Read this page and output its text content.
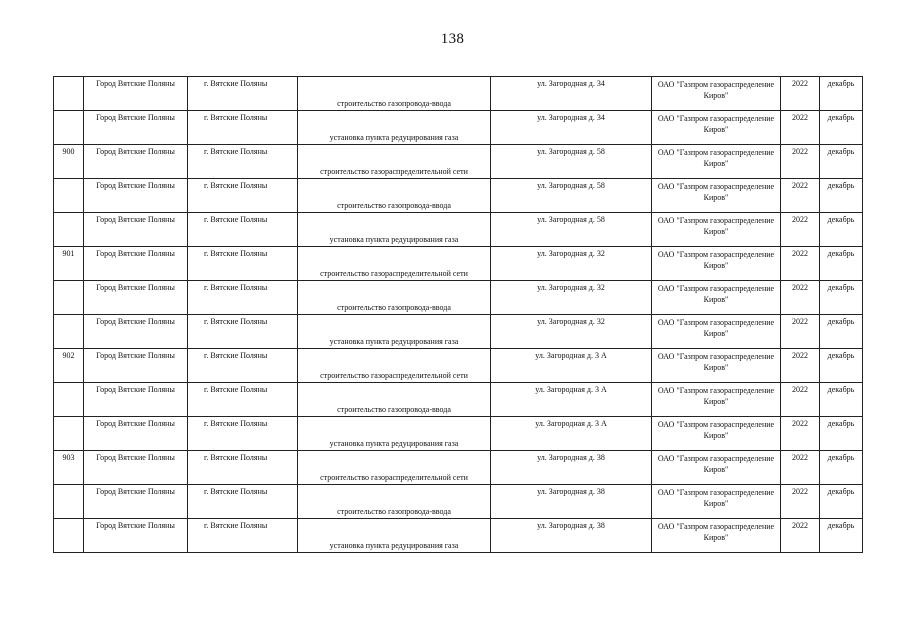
138

	Город Вятские Поляны	г. Вятские Поляны	строительство газопровода-ввода	ул. Загородная д. 34	ОАО "Газпром газораспределение Киров"	2022	декабрь

	Город Вятские Поляны	г. Вятские Поляны	установка пункта редуцирования газа	ул. Загородная д. 34	ОАО "Газпром газораспределение Киров"	2022	декабрь

900	Город Вятские Поляны	г. Вятские Поляны	строительство газораспределительной сети	ул. Загородная д. 58	ОАО "Газпром газораспределение Киров"	2022	декабрь

	Город Вятские Поляны	г. Вятские Поляны	строительство газопровода-ввода	ул. Загородная д. 58	ОАО "Газпром газораспределение Киров"	2022	декабрь

	Город Вятские Поляны	г. Вятские Поляны	установка пункта редуцирования газа	ул. Загородная д. 58	ОАО "Газпром газораспределение Киров"	2022	декабрь

901	Город Вятские Поляны	г. Вятские Поляны	строительство газораспределительной сети	ул. Загородная д. 32	ОАО "Газпром газораспределение Киров"	2022	декабрь

	Город Вятские Поляны	г. Вятские Поляны	строительство газопровода-ввода	ул. Загородная д. 32	ОАО "Газпром газораспределение Киров"	2022	декабрь

	Город Вятские Поляны	г. Вятские Поляны	установка пункта редуцирования газа	ул. Загородная д. 32	ОАО "Газпром газораспределение Киров"	2022	декабрь

902	Город Вятские Поляны	г. Вятские Поляны	строительство газораспределительной сети	ул. Загородная д. 3 А	ОАО "Газпром газораспределение Киров"	2022	декабрь

	Город Вятские Поляны	г. Вятские Поляны	строительство газопровода-ввода	ул. Загородная д. 3 А	ОАО "Газпром газораспределение Киров"	2022	декабрь

	Город Вятские Поляны	г. Вятские Поляны	установка пункта редуцирования газа	ул. Загородная д. 3 А	ОАО "Газпром газораспределение Киров"	2022	декабрь

903	Город Вятские Поляны	г. Вятские Поляны	строительство газораспределительной сети	ул. Загородная д. 38	ОАО "Газпром газораспределение Киров"	2022	декабрь

	Город Вятские Поляны	г. Вятские Поляны	строительство газопровода-ввода	ул. Загородная д. 38	ОАО "Газпром газораспределение Киров"	2022	декабрь

	Город Вятские Поляны	г. Вятские Поляны	установка пункта редуцирования газа	ул. Загородная д. 38	ОАО "Газпром газораспределение Киров"	2022	декабрь
